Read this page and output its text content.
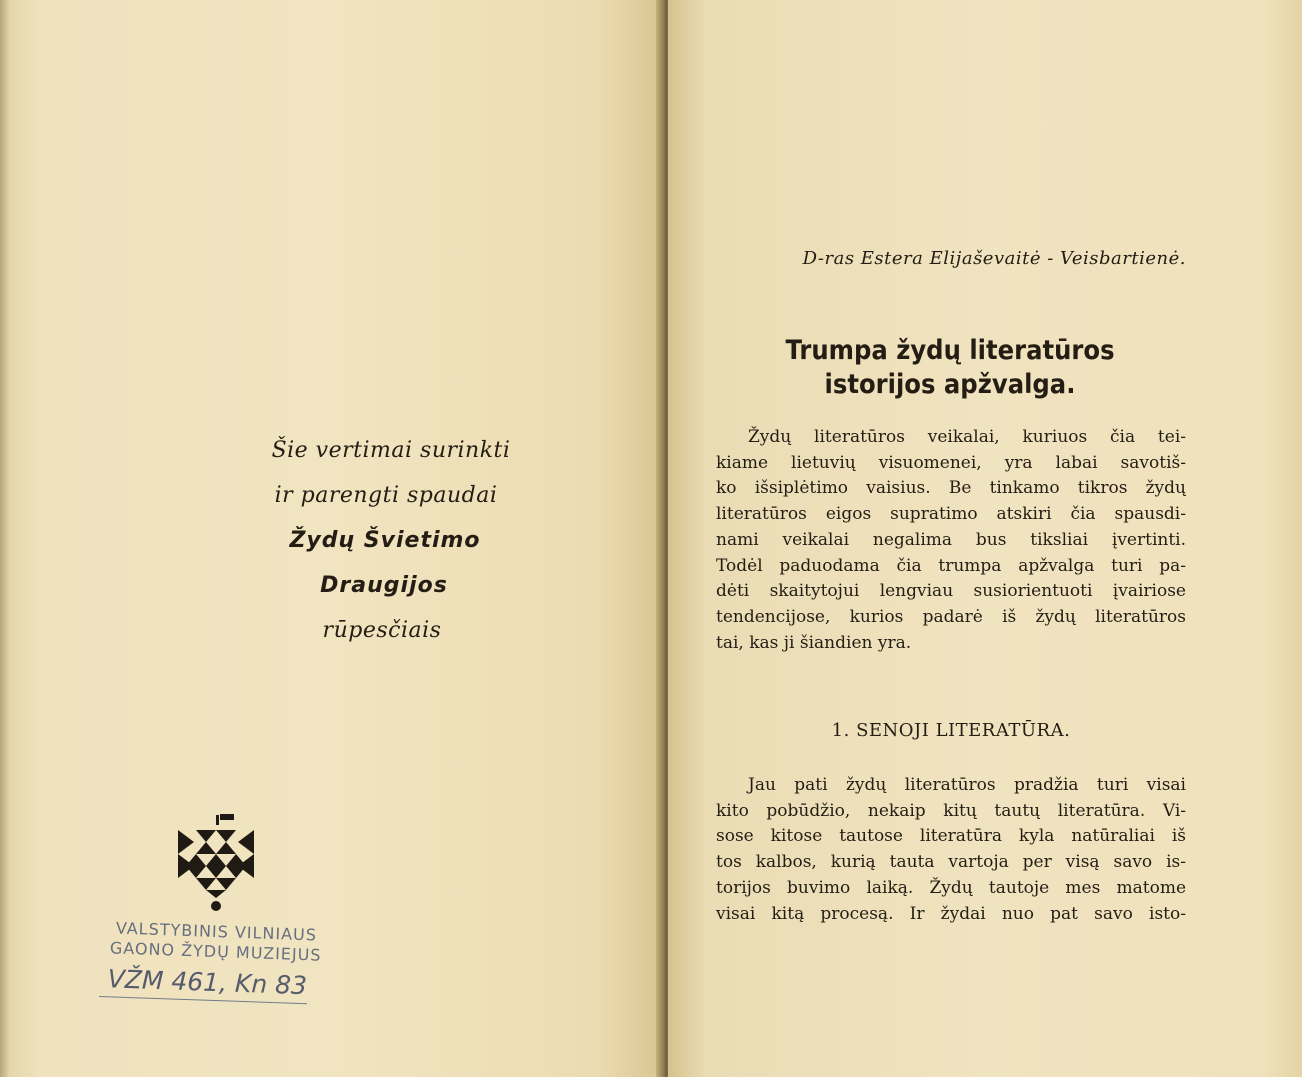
Šie vertimai surinkti
ir parengti spaudai
Žydų Švietimo
Draugijos
rūpesčiais
VALSTYBINIS VILNIAUS
GAONO ŽYDŲ MUZIEJUS
VŽM 461, Kn 83
D-ras Estera Elijaševaitė - Veisbartienė.
Trumpa žydų literatūros
istorijos apžvalga.
Žydų literatūros veikalai, kuriuos čia tei-
kiame lietuvių visuomenei, yra labai savotiš-
ko išsiplėtimo vaisius. Be tinkamo tikros žydų
literatūros eigos supratimo atskiri čia spausdi-
nami veikalai negalima bus tiksliai įvertinti.
Todėl paduodama čia trumpa apžvalga turi pa-
dėti skaitytojui lengviau susiorientuoti įvairiose
tendencijose, kurios padarė iš žydų literatūros
tai, kas ji šiandien yra.
1. SENOJI LITERATŪRA.
Jau pati žydų literatūros pradžia turi visai
kito pobūdžio, nekaip kitų tautų literatūra. Vi-
sose kitose tautose literatūra kyla natūraliai iš
tos kalbos, kurią tauta vartoja per visą savo is-
torijos buvimo laiką. Žydų tautoje mes matome
visai kitą procesą. Ir žydai nuo pat savo isto-
